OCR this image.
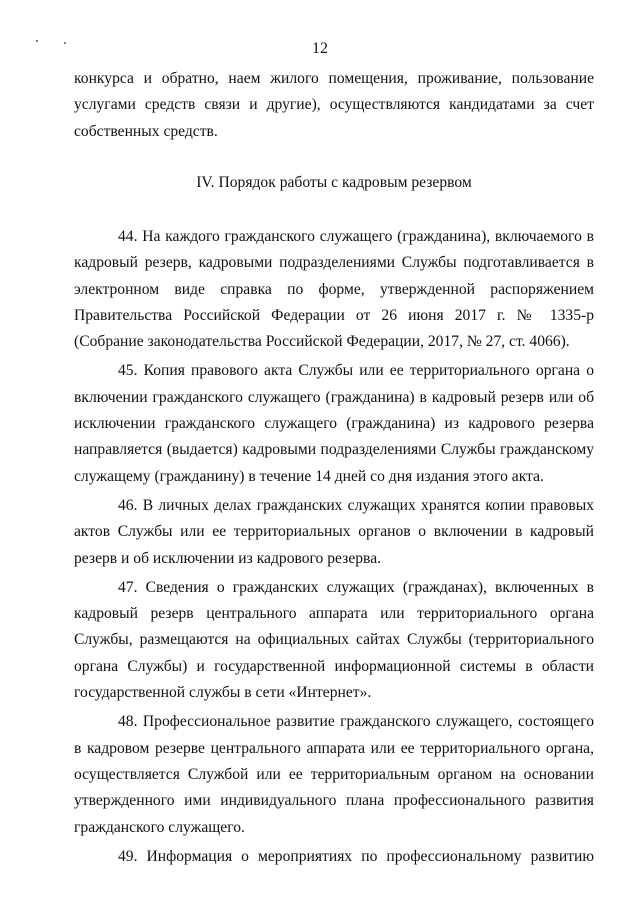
12

конкурса и обратно, наем жилого помещения, проживание, пользование услугами средств связи и другие), осуществляются кандидатами за счет собственных средств.

IV. Порядок работы с кадровым резервом

44. На каждого гражданского служащего (гражданина), включаемого в кадровый резерв, кадровыми подразделениями Службы подготавливается в электронном виде справка по форме, утвержденной распоряжением Правительства Российской Федерации от 26 июня 2017 г. № 1335-р (Собрание законодательства Российской Федерации, 2017, № 27, ст. 4066).

45. Копия правового акта Службы или ее территориального органа о включении гражданского служащего (гражданина) в кадровый резерв или об исключении гражданского служащего (гражданина) из кадрового резерва направляется (выдается) кадровыми подразделениями Службы гражданскому служащему (гражданину) в течение 14 дней со дня издания этого акта.

46. В личных делах гражданских служащих хранятся копии правовых актов Службы или ее территориальных органов о включении в кадровый резерв и об исключении из кадрового резерва.

47. Сведения о гражданских служащих (гражданах), включенных в кадровый резерв центрального аппарата или территориального органа Службы, размещаются на официальных сайтах Службы (территориального органа Службы) и государственной информационной системы в области государственной службы в сети «Интернет».

48. Профессиональное развитие гражданского служащего, состоящего в кадровом резерве центрального аппарата или ее территориального органа, осуществляется Службой или ее территориальным органом на основании утвержденного ими индивидуального плана профессионального развития гражданского служащего.

49. Информация о мероприятиях по профессиональному развитию
